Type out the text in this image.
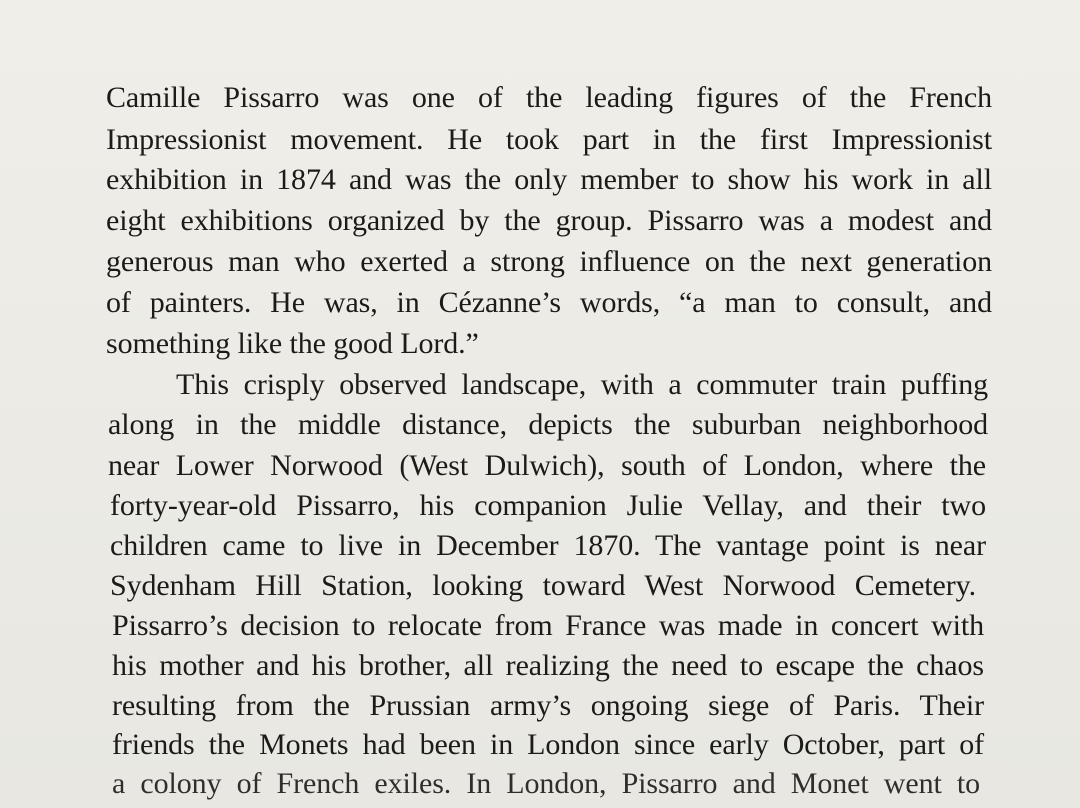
Camille Pissarro was one of the leading figures of the French
Impressionist movement. He took part in the first Impressionist
exhibition in 1874 and was the only member to show his work in all
eight exhibitions organized by the group. Pissarro was a modest and
generous man who exerted a strong influence on the next generation
of painters. He was, in Cézanne’s words, “a man to consult, and
something like the good Lord.”
This crisply observed landscape, with a commuter train puffing
along in the middle distance, depicts the suburban neighborhood
near Lower Norwood (West Dulwich), south of London, where the
forty-year-old Pissarro, his companion Julie Vellay, and their two
children came to live in December 1870. The vantage point is near
Sydenham Hill Station, looking toward West Norwood Cemetery.
Pissarro’s decision to relocate from France was made in concert with
his mother and his brother, all realizing the need to escape the chaos
resulting from the Prussian army’s ongoing siege of Paris. Their
friends the Monets had been in London since early October, part of
a colony of French exiles. In London, Pissarro and Monet went to
